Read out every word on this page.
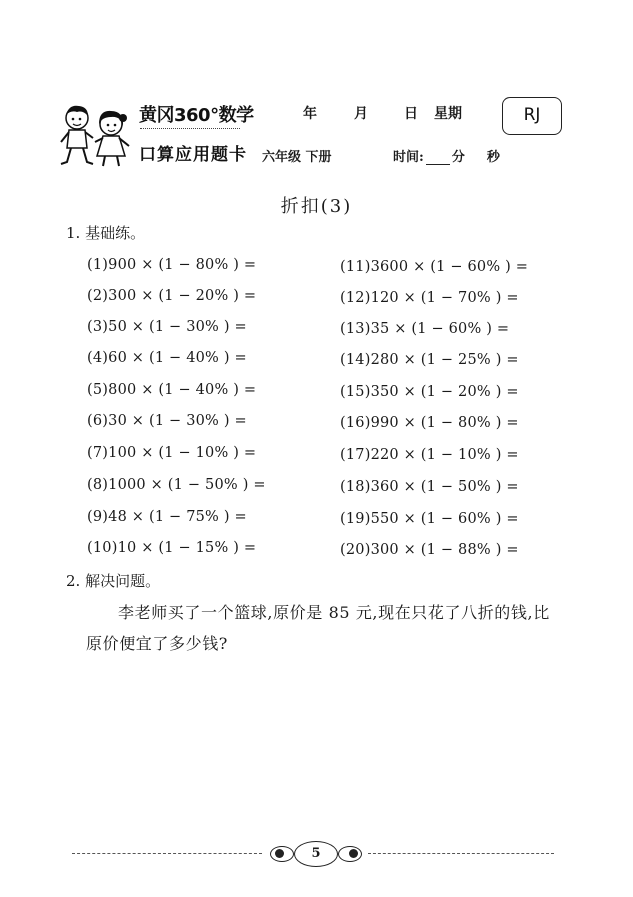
黄冈360°数学
口算应用题卡
年	月	日 星期
六年级 下册	时间: 分 秒
RJ
折扣(3)
1. 基础练。
(1)900 × (1 − 80% ) =
(2)300 × (1 − 20% ) =
(3)50 × (1 − 30% ) =
(4)60 × (1 − 40% ) =
(5)800 × (1 − 40% ) =
(6)30 × (1 − 30% ) =
(7)100 × (1 − 10% ) =
(8)1000 × (1 − 50% ) =
(9)48 × (1 − 75% ) =
(10)10 × (1 − 15% ) =
(11)3600 × (1 − 60% ) =
(12)120 × (1 − 70% ) =
(13)35 × (1 − 60% ) =
(14)280 × (1 − 25% ) =
(15)350 × (1 − 20% ) =
(16)990 × (1 − 80% ) =
(17)220 × (1 − 10% ) =
(18)360 × (1 − 50% ) =
(19)550 × (1 − 60% ) =
(20)300 × (1 − 88% ) =
2. 解决问题。
李老师买了一个篮球,原价是 85 元,现在只花了八折的钱,比原价便宜了多少钱?
5
